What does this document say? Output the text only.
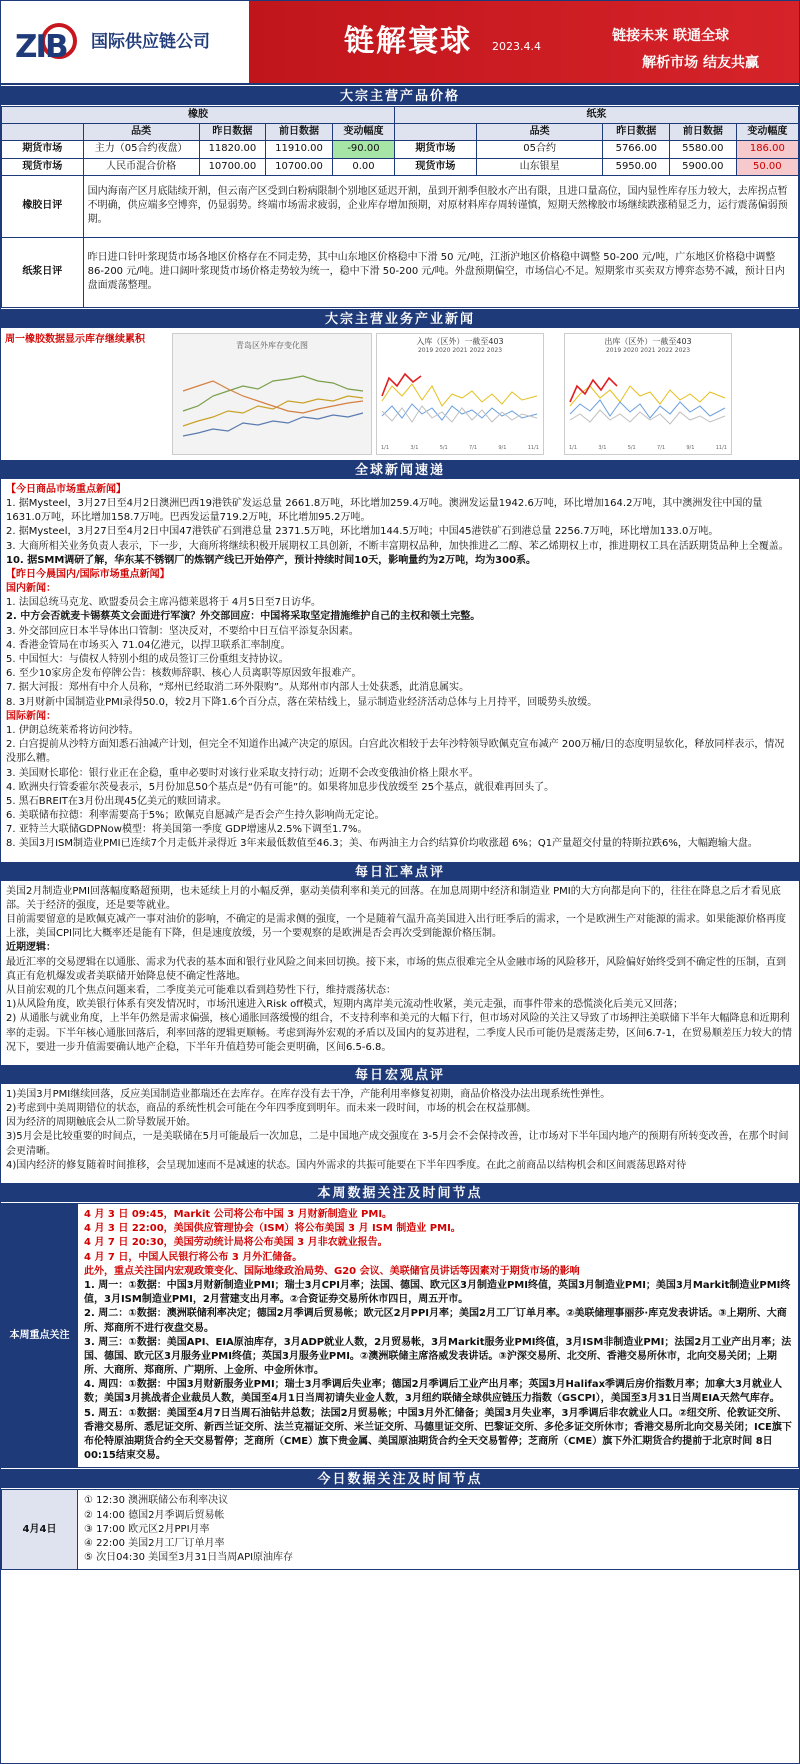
ZIB 国际供应链公司	链解寰球 2023.4.4
链接未来 联通全球
解析市场 结友共赢
大宗主营产品价格
橡胶					纸浆				
	品类	昨日数据	前日数据	变动幅度		品类	昨日数据	前日数据	变动幅度
期货市场	主力（05合约夜盘）	11820.00	11910.00	-90.00	期货市场	05合约	5766.00	5580.00	186.00
现货市场	人民币混合价格	10700.00	10700.00	0.00	现货市场	山东银星	5950.00	5900.00	50.00
橡胶日评	国内海南产区月底陆续开割，但云南产区受到白粉病限制个别地区延迟开割，虽到开割季但胶水产出有限，且进口量高位，国内显性库存压力较大，去库拐点暂不明确，供应端多空博弈，仍显弱势。终端市场需求疲弱，企业库存增加预期，对原材料库存周转谨慎，短期天然橡胶市场继续跌涨稍显乏力，运行震荡偏弱预期。								
纸浆日评	昨日进口针叶浆现货市场各地区价格存在不同走势，其中山东地区价格稳中下滑 50 元/吨，江浙沪地区价格稳中调整 50-200 元/吨，广东地区价格稳中调整 86-200 元/吨。进口阔叶浆现货市场价格走势较为统一，稳中下滑 50-200 元/吨。外盘预期偏空，市场信心不足。短期浆市买卖双方博弈态势不减，预计日内盘面震荡整理。								
大宗主营业务产业新闻
周一橡胶数据显示库存继续累积
青岛区外库存变化图	入库（区外）一截至403
2019 2020 2021 2022 2023
1/1	3/1	5/1	7/1	9/1	11/1
出库（区外）一截至403
2019 2020 2021 2022 2023
1/1	3/1	5/1	7/1	9/1	11/1
全球新闻速递

【今日商品市场重点新闻】

1. 据Mysteel，3月27日至4月2日澳洲巴西19港铁矿发运总量 2661.8万吨，环比增加259.4万吨。澳洲发运量1942.6万吨，环比增加164.2万吨，其中澳洲发往中国的量 1631.0万吨，环比增加158.7万吨。巴西发运量719.2万吨，环比增加95.2万吨。

2. 据Mysteel，3月27日至4月2日中国47港铁矿石到港总量 2371.5万吨，环比增加144.5万吨；中国45港铁矿石到港总量 2256.7万吨，环比增加133.0万吨。

3. 大商所相关业务负责人表示，下一步，大商所将继续积极开展期权工具创新，不断丰富期权品种，加快推进乙二醇、苯乙烯期权上市，推进期权工具在活跃期货品种上全覆盖。

10. 据SMM调研了解，华东某不锈钢厂的炼钢产线已开始停产，预计持续时间10天，影响量约为2万吨，均为300系。

【昨日今晨国内/国际市场重点新闻】

国内新闻：

1. 法国总统马克龙、欧盟委员会主席冯德莱恩将于 4月5日至7日访华。

2. 中方会否就麦卡锡蔡英文会面进行军演？外交部回应：中国将采取坚定措施维护自己的主权和领土完整。

3. 外交部回应日本半导体出口管制：坚决反对，不要给中日互信平添复杂因素。

4. 香港金管局在市场买入 71.04亿港元，以捍卫联系汇率制度。

5. 中国恒大：与债权人特别小组的成员签订三份重组支持协议。

6. 至少10家房企发布停牌公告：核数师辞职、核心人员离职等原因致年报难产。

7. 据大河报：郑州有中介人员称，“郑州已经取消二环外限购”。从郑州市内部人士处获悉，此消息属实。

8. 3月财新中国制造业PMI录得50.0，较2月下降1.6个百分点，落在荣枯线上，显示制造业经济活动总体与上月持平，回暖势头放缓。

国际新闻：

1. 伊朗总统莱希将访问沙特。

2. 白宫提前从沙特方面知悉石油减产计划，但完全不知道作出减产决定的原因。白宫此次相较于去年沙特领导欧佩克宣布减产 200万桶/日的态度明显软化，释放同样表示，情况没那么糟。

3. 美国财长耶伦：银行业正在企稳，重申必要时对该行业采取支持行动；近期不会改变俄油价格上限水平。

4. 欧洲央行管委霍尔茨曼表示，5月份加息50个基点是“仍有可能”的。如果将加息步伐放缓至 25个基点，就很难再回头了。

5. 黑石BREIT在3月份出现45亿美元的赎回请求。

6. 美联储布拉德：利率需要高于5%；欧佩克自愿减产是否会产生持久影响尚无定论。

7. 亚特兰大联储GDPNow模型：将美国第一季度 GDP增速从2.5%下调至1.7%。

8. 美国3月ISM制造业PMI已连续7个月走低并录得近 3年来最低数值至46.3；美、布两油主力合约结算价均收涨超 6%；Q1产量超交付量的特斯拉跌6%，大幅跑输大盘。

每日汇率点评

美国2月制造业PMI回落幅度略超预期，也未延续上月的小幅反弹，驱动美债利率和美元的回落。在加息周期中经济和制造业 PMI的大方向都是向下的，往往在降息之后才看见底部。关于经济的强度，还是要等就业。

目前需要留意的是欧佩克减产一事对油价的影响，不确定的是需求侧的强度，一个是随着气温升高美国进入出行旺季后的需求，一个是欧洲生产对能源的需求。如果能源价格再度上涨，美国CPI同比大概率还是能有下降，但是速度放缓，另一个要观察的是欧洲是否会再次受到能源价格压制。

近期逻辑：

最近汇率的交易逻辑在以通胀、需求为代表的基本面和银行业风险之间来回切换。接下来，市场的焦点很难完全从金融市场的风险移开，风险偏好始终受到不确定性的压制，直到真正有危机爆发或者美联储开始降息使不确定性落地。

从目前宏观的几个焦点问题来看，二季度美元可能难以看到趋势性下行，维持震荡状态：

1)从风险角度，欧美银行体系有突发情况时，市场汛速进入Risk off模式，短期内离岸美元流动性收紧，美元走强，而事件带来的恐慌淡化后美元又回落；

2) 从通胀与就业角度，上半年仍然是需求偏强，核心通胀回落缓慢的组合，不支持利率和美元的大幅下行，但市场对风险的关注又导致了市场押注美联储下半年大幅降息和近期利率的走弱。下半年核心通胀回落后，利率回落的逻辑更顺畅。考虑到海外宏观的矛盾以及国内的复苏进程，二季度人民币可能仍是震荡走势，区间6.7-1，在贸易顺差压力较大的情况下，要进一步升值需要确认地产企稳，下半年升值趋势可能会更明确，区间6.5-6.8。

每日宏观点评

1)美国3月PMI继续回落，反应美国制造业都瑞还在去库存。在库存没有去干净，产能利用率修复初期，商品价格没办法出现系统性弹性。

2)考虑到中美周期错位的状态，商品的系统性机会可能在今年四季度到明年。而未来一段时间，市场的机会在权益那侧。

因为经济的周期触底会从二阶导数展开始。

3)5月会是比较重要的时间点，一是美联储在5月可能最后一次加息，二是中国地产成交强度在 3-5月会不会保持改善，让市场对下半年国内地产的预期有所转变改善，在那个时间会更清晰。

4)国内经济的修复随着时间推移，会呈现加速而不是减速的状态。国内外需求的共振可能要在下半年四季度。在此之前商品以结构机会和区间震荡思路对待

本周数据关注及时间节点
本周重点关注	

4 月 3 日 09:45，Markit 公司将公布中国 3 月财新制造业 PMI。

4 月 3 日 22:00，美国供应管理协会（ISM）将公布美国 3 月 ISM 制造业 PMI。

4 月 7 日 20:30，美国劳动统计局将公布美国 3 月非农就业报告。

4 月 7 日，中国人民银行将公布 3 月外汇储备。

此外，重点关注国内宏观政策变化、国际地缘政治局势、G20 会议、美联储官员讲话等因素对于期货市场的影响

1. 周一：①数据：中国3月财新制造业PMI；瑞士3月CPI月率；法国、德国、欧元区3月制造业PMI终值，英国3月制造业PMI；美国3月Markit制造业PMI终值，3月ISM制造业PMI，2月营建支出月率。②合资证券交易所休市四日，周五开市。

2. 周二：①数据：澳洲联储利率决定；德国2月季调后贸易帐；欧元区2月PPI月率；美国2月工厂订单月率。②美联储理事丽莎·库克发表讲话。③上期所、大商所、郑商所不进行夜盘交易。

3. 周三：①数据：美国API、EIA原油库存，3月ADP就业人数，2月贸易帐，3月Markit服务业PMI终值，3月ISM非制造业PMI；法国2月工业产出月率；法国、德国、欧元区3月服务业PMI终值；英国3月服务业PMI。②澳洲联储主席洛威发表讲话。③沪深交易所、北交所、香港交易所休市，北向交易关闭；上期所、大商所、郑商所、广期所、上金所、中金所休市。

4. 周四：①数据：中国3月财新服务业PMI；瑞士3月季调后失业率；德国2月季调后工业产出月率；英国3月Halifax季调后房价指数月率；加拿大3月就业人数；美国3月挑战者企业裁员人数，美国至4月1日当周初请失业金人数，3月纽约联储全球供应链压力指数（GSCPI），美国至3月31日当周EIA天然气库存。

5. 周五：①数据：美国至4月7日当周石油钻井总数；法国2月贸易帐；中国3月外汇储备；美国3月失业率，3月季调后非农就业人口。②纽交所、伦敦证交所、香港交易所、悉尼证交所、新西兰证交所、法兰克福证交所、米兰证交所、马德里证交所、巴黎证交所、多伦多证交所休市；香港交易所北向交易关闭；ICE旗下布伦特原油期货合约全天交易暂停；芝商所（CME）旗下贵金属、美国原油期货合约全天交易暂停；芝商所（CME）旗下外汇期货合约提前于北京时间 8日00:15结束交易。

今日数据关注及时间节点
4月4日	

① 12:30 澳洲联储公布利率决议

② 14:00 德国2月季调后贸易帐

③ 17:00 欧元区2月PPI月率

④ 22:00 美国2月工厂订单月率

⑤ 次日04:30 美国至3月31日当周API原油库存
